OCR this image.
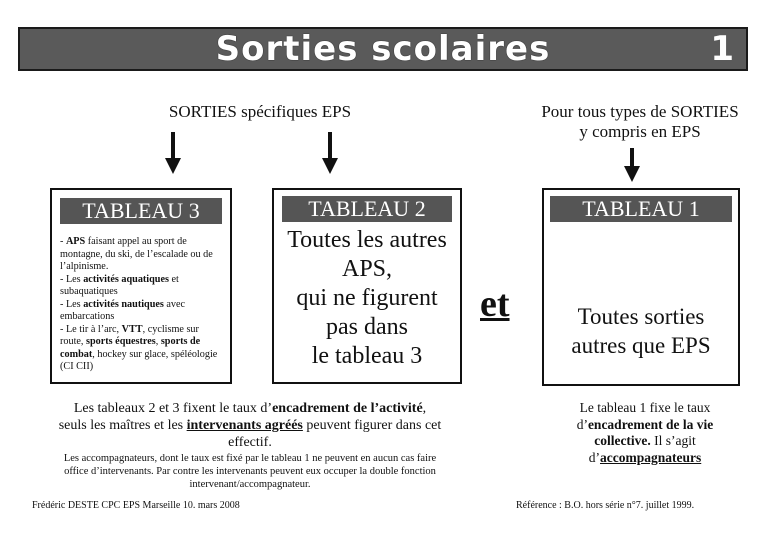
Sorties scolaires	1
SORTIES spécifiques EPS	Pour tous types de SORTIES
y compris en EPS
TABLEAU 3
- APS faisant appel au sport de montagne, du ski, de l’escalade ou de l’alpinisme.
- Les activités aquatiques et subaquatiques
- Les activités nautiques avec embarcations
- Le tir à l’arc, VTT, cyclisme sur route, sports équestres, sports de combat, hockey sur glace, spéléologie (CI CII)
TABLEAU 2
Toutes les autres
APS,
qui ne figurent
pas dans
le tableau 3
et
TABLEAU 1
Toutes sorties
autres que EPS
Les tableaux 2 et 3 fixent le taux d’encadrement de l’activité,
seuls les maîtres et les intervenants agréés peuvent figurer dans cet
effectif.
Les accompagnateurs, dont le taux est fixé par le tableau 1 ne peuvent en aucun cas faire
office d’intervenants. Par contre les intervenants peuvent eux occuper la double fonction
intervenant/accompagnateur.
Le tableau 1 fixe le taux
d’encadrement de la vie
collective. Il s’agit
d’accompagnateurs
Frédéric DESTE CPC EPS Marseille 10. mars 2008	Référence : B.O. hors série n°7. juillet 1999.
